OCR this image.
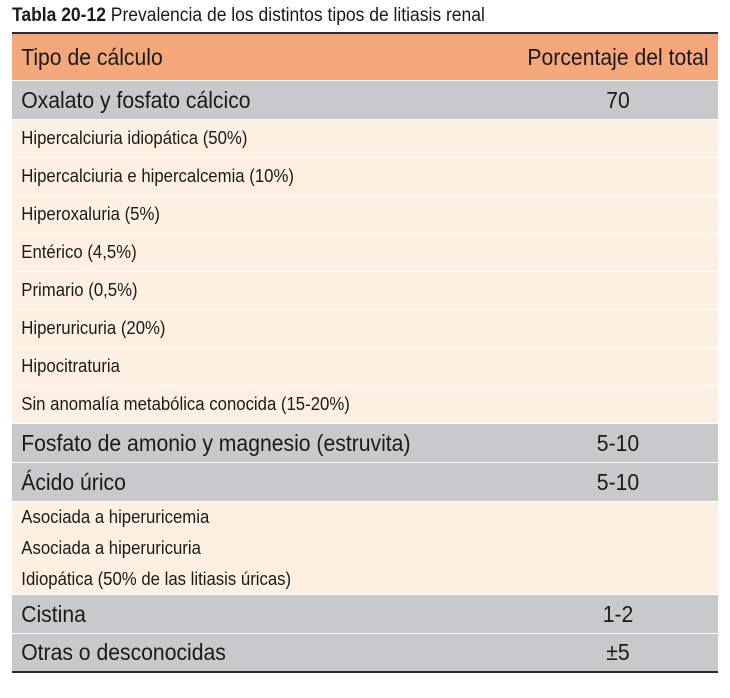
Tabla 20-12 Prevalencia de los distintos tipos de litiasis renal
Tipo de cálculo	Porcentaje del total
Oxalato y fosfato cálcico	70
Hipercalciuria idiopática (50%)
Hipercalciuria e hipercalcemia (10%)
Hiperoxaluria (5%)
Entérico (4,5%)
Primario (0,5%)
Hiperuricuria (20%)
Hipocitraturia
Sin anomalía metabólica conocida (15-20%)
Fosfato de amonio y magnesio (estruvita)	5-10
Ácido úrico	5-10
Asociada a hiperuricemia
Asociada a hiperuricuria
Idiopática (50% de las litiasis úricas)
Cistina	1-2
Otras o desconocidas	±5
